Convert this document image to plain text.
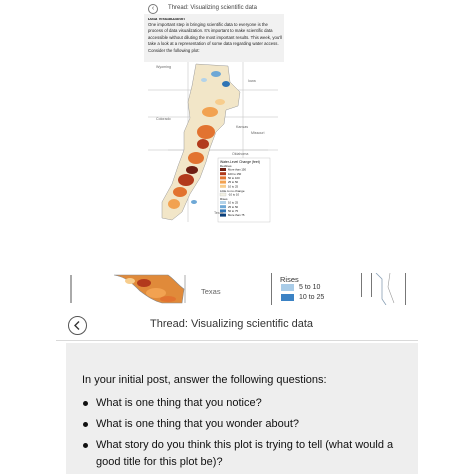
‹	Thread: Visualizing scientific data
Data Visualization
One important step in bringing scientific data to everyone is the process of data visualization. It's important to make scientific data accessible without diluting the most important results. This week, you'll take a look at a representation of some data regarding water access. Consider the following plot:
Water-Level Change (feet)
Declines
More than 150
100 to 150
50 to 100
25 to 50
10 to 25
Little to no change
-10 to 10
Rises
10 to 25
25 to 50
50 to 75
More than 75
Wyoming
Iowa
Kansas
Colorado
Missouri
Oklahoma
Texas
Texas
Rises
5 to 10
10 to 25
Thread: Visualizing scientific data
In your initial post, answer the following questions:
What is one thing that you notice?
What is one thing that you wonder about?
What story do you think this plot is trying to tell (what would a good title for this plot be)?
